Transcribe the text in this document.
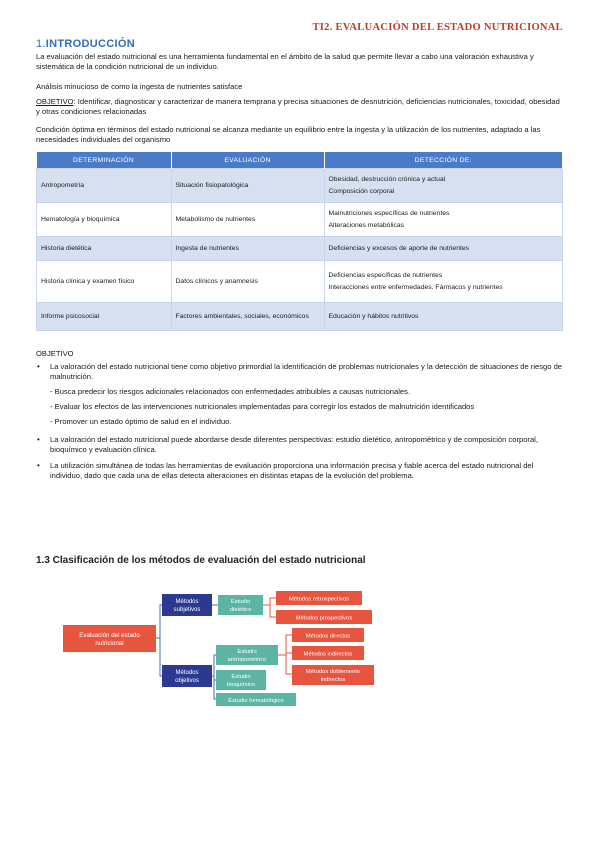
TI2. EVALUACIÓN DEL ESTADO NUTRICIONAL
1.INTRODUCCIÓN
La evaluación del estado nutricional es una herramienta fundamental en el ámbito de la salud que permite llevar a cabo una valoración exhaustiva y sistemática de la condición nutricional de un individuo.
Análisis minucioso de como la ingesta de nutrientes satisface
OBJETIVO: Identificar, diagnosticar y caracterizar de manera temprana y precisa situaciones de desnutrición, deficiencias nutricionales, toxicidad, obesidad y otras condiciones relacionadas
Condición óptima en términos del estado nutricional se alcanza mediante un equilibrio entre la ingesta y la utilización de los nutrientes, adaptado a las necesidades individuales del organismo
DETERMINACIÓN	EVALUACIÓN	DETECCIÓN DE:
Antropometría	Situación fisiopatológica	Obesidad, destrucción crónica y actual
Composición corporal

Hematología y bioquímica	Metabolismo de nutrientes	Malnutriciones específicas de nutrientes
Alteraciones metabólicas

Historia dietética	Ingesta de nutrientes	Deficiencias y excesos de aporte de nutrientes

Historia clínica y examen físico	Datos clínicos y anamnesis	Deficiencias específicas de nutrientes
Interacciones entre enfermedades. Fármacos y nutrientes

Informe psicosocial	Factores ambientales, sociales, económicos	Educación y hábitos nutritivos
OBJETIVO
• La valoración del estado nutricional tiene como objetivo primordial la identificación de problemas nutricionales y la detección de situaciones de riesgo de malnutrición.
- Busca predecir los riesgos adicionales relacionados con enfermedades atribuibles a causas nutricionales.
- Evaluar los efectos de las intervenciones nutricionales implementadas para corregir los estados de malnutrición identificados
- Promover un estado óptimo de salud en el individuo.
• La valoración del estado nutricional puede abordarse desde diferentes perspectivas: estudio dietético, antropométrico y de composición corporal, bioquímico y evaluación clínica.
• La utilización simultánea de todas las herramientas de evaluación proporciona una información precisa y fiable acerca del estado nutricional del individuo, dado que cada una de ellas detecta alteraciones en distintas etapas de la evolución del problema.
1.3 Clasificación de los métodos de evaluación del estado nutricional
Evaluación del estado
nutricional
Métodos
subjetivos
Métodos
objetivos
Estudio
dietético
Métodos retrospectivos
Métodos prospectivos
Estudio
antropométrico
Métodos directos
Métodos indirectos
Métodos doblemente
indirectos
Estudio
bioquímico
Estudio hematológico
